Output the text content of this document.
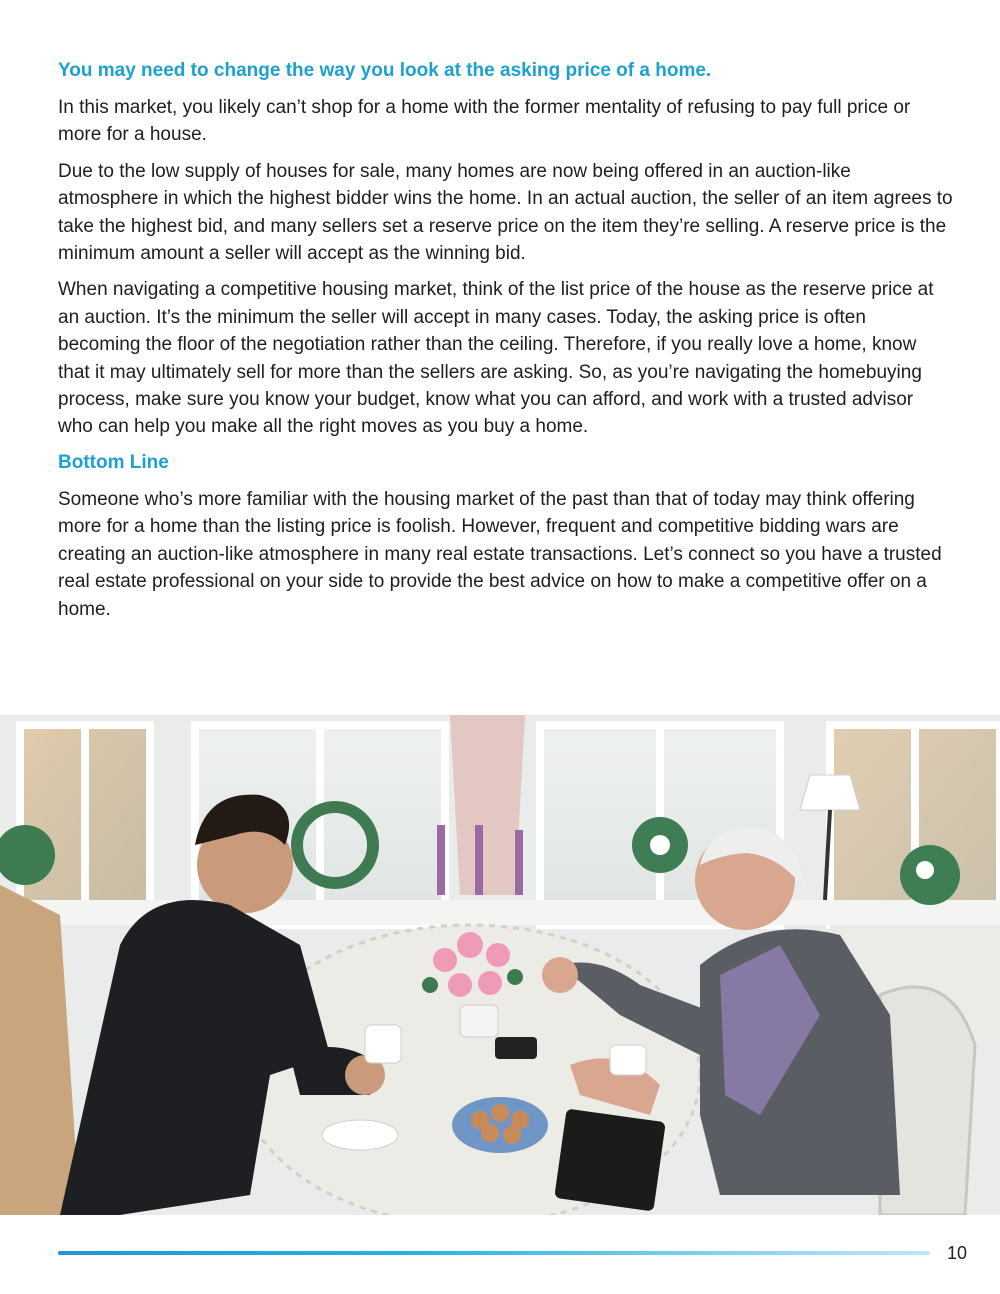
You may need to change the way you look at the asking price of a home.

In this market, you likely can’t shop for a home with the former mentality of refusing to pay full price or more for a house.

Due to the low supply of houses for sale, many homes are now being offered in an auction-like atmosphere in which the highest bidder wins the home. In an actual auction, the seller of an item agrees to take the highest bid, and many sellers set a reserve price on the item they’re selling. A reserve price is the minimum amount a seller will accept as the winning bid.

When navigating a competitive housing market, think of the list price of the house as the reserve price at an auction. It’s the minimum the seller will accept in many cases. Today, the asking price is often becoming the floor of the negotiation rather than the ceiling. Therefore, if you really love a home, know that it may ultimately sell for more than the sellers are asking. So, as you’re navigating the homebuying process, make sure you know your budget, know what you can afford, and work with a trusted advisor who can help you make all the right moves as you buy a home.

Bottom Line

Someone who’s more familiar with the housing market of the past than that of today may think offering more for a home than the listing price is foolish. However, frequent and competitive bidding wars are creating an auction-like atmosphere in many real estate transactions. Let’s connect so you have a trusted real estate professional on your side to provide the best advice on how to make a competitive offer on a home.

10
